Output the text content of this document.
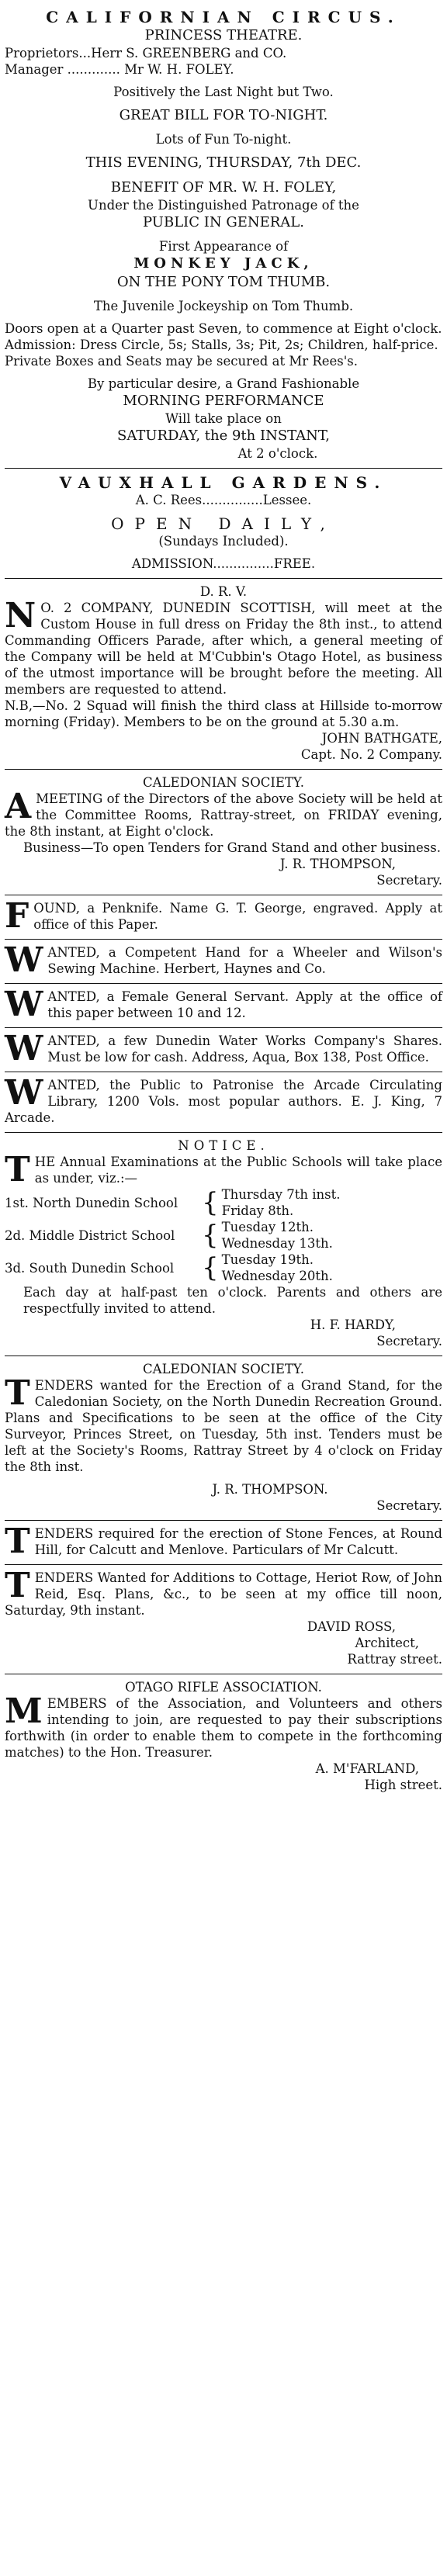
CALIFORNIAN CIRCUS.
PRINCESS THEATRE.
Proprietors...Herr S. GREENBERG and CO.
Manager ............. Mr W. H. FOLEY.
Positively the Last Night but Two.
GREAT BILL FOR TO-NIGHT.
Lots of Fun To-night.
THIS EVENING, THURSDAY, 7th DEC.
BENEFIT OF MR. W. H. FOLEY,
Under the Distinguished Patronage of the
PUBLIC IN GENERAL.
First Appearance of
MONKEY JACK,
ON THE PONY TOM THUMB.
The Juvenile Jockeyship on Tom Thumb.
Doors open at a Quarter past Seven, to commence at Eight o'clock.
Admission: Dress Circle, 5s; Stalls, 3s; Pit, 2s; Children, half-price.
Private Boxes and Seats may be secured at Mr Rees's.
By particular desire, a Grand Fashionable
MORNING PERFORMANCE
Will take place on
SATURDAY, the 9th INSTANT,
At 2 o'clock.
VAUXHALL GARDENS.
A. C. Rees...............Lessee.
OPEN DAILY,
(Sundays Included).
ADMISSION...............FREE.
D. R. V.
N O. 2 COMPANY, DUNEDIN SCOTTISH, will meet at the Custom House in full dress on Friday the 8th inst., to attend Commanding Officers Parade, after which, a general meeting of the Company will be held at M'Cubbin's Otago Hotel, as business of the utmost importance will be brought before the meeting. All members are requested to attend.
N.B,—No. 2 Squad will finish the third class at Hillside to-morrow morning (Friday). Members to be on the ground at 5.30 a.m.
JOHN BATHGATE,
Capt. No. 2 Company.
CALEDONIAN SOCIETY.
AMEETING of the Directors of the above Society will be held at the Committee Rooms, Rattray-street, on FRIDAY evening, the 8th instant, at Eight o'clock.
Business—To open Tenders for Grand Stand and other business.
J. R. THOMPSON,
Secretary.
FOUND, a Penknife. Name G. T. George, engraved. Apply at office of this Paper.
WANTED, a Competent Hand for a Wheeler and Wilson's Sewing Machine. Herbert, Haynes and Co.
WANTED, a Female General Servant. Apply at the office of this paper between 10 and 12.
WANTED, a few Dunedin Water Works Company's Shares. Must be low for cash. Address, Aqua, Box 138, Post Office.
WANTED, the Public to Patronise the Arcade Circulating Library, 1200 Vols. most popular authors. E. J. King, 7 Arcade.
NOTICE.
THE Annual Examinations at the Public Schools will take place as under, viz.:—
1st. North Dunedin School { Thursday 7th inst.
Friday 8th.
2d. Middle District School	{ Tuesday 12th.
Wednesday 13th.
3d. South Dunedin School	{ Tuesday 19th.
Wednesday 20th.
Each day at half-past ten o'clock. Parents and others are respectfully invited to attend.
H. F. HARDY,
Secretary.
CALEDONIAN SOCIETY.
TENDERS wanted for the Erection of a Grand Stand, for the Caledonian Society, on the North Dunedin Recreation Ground. Plans and Specifications to be seen at the office of the City Surveyor, Princes Street, on Tuesday, 5th inst. Tenders must be left at the Society's Rooms, Rattray Street by 4 o'clock on Friday the 8th inst.
J. R. THOMPSON.
Secretary.
TENDERS required for the erection of Stone Fences, at Round Hill, for Calcutt and Menlove. Particulars of Mr Calcutt.
TENDERS Wanted for Additions to Cottage, Heriot Row, of John Reid, Esq. Plans, &c., to be seen at my office till noon, Saturday, 9th instant.
DAVID ROSS,
Architect,
Rattray street.
OTAGO RIFLE ASSOCIATION.
MEMBERS of the Association, and Volunteers and others intending to join, are requested to pay their subscriptions forthwith (in order to enable them to compete in the forthcoming matches) to the Hon. Treasurer.
A. M'FARLAND,
High street.
